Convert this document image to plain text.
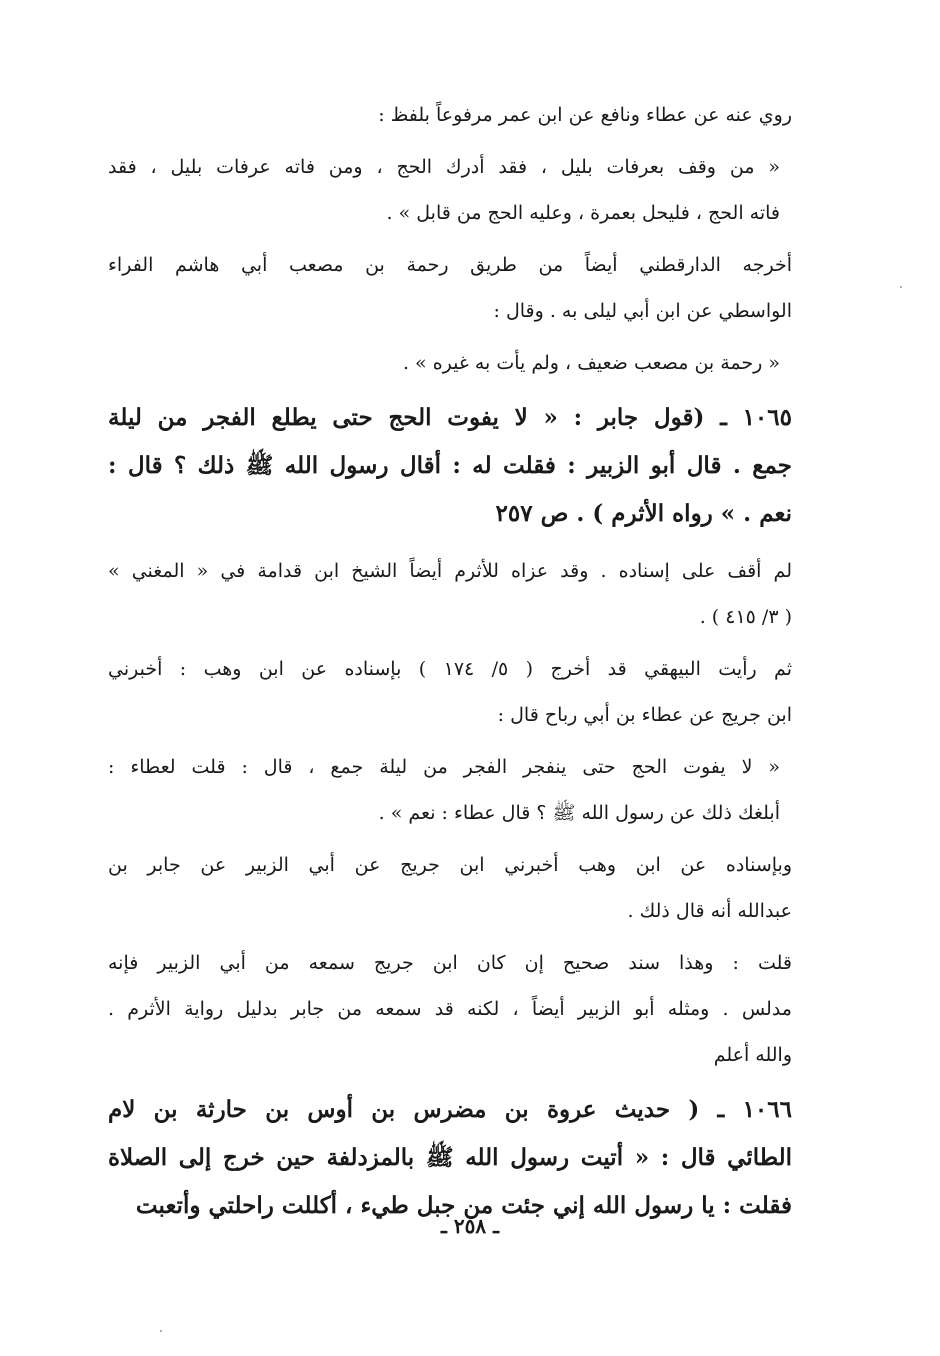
روي عنه عن عطاء ونافع عن ابن عمر مرفوعاً بلفظ :
« من وقف بعرفات بليل ، فقد أدرك الحج ، ومن فاته عرفات بليل ، فقد
فاته الحج ، فليحل بعمرة ، وعليه الحج من قابل » .
أخرجه الدارقطني أيضاً من طريق رحمة بن مصعب أبي هاشم الفراء
الواسطي عن ابن أبي ليلى به . وقال :
« رحمة بن مصعب ضعيف ، ولم يأت به غيره » .
١٠٦٥ ـ (قول جابر : « لا يفوت الحج حتى يطلع الفجر من ليلة
جمع . قال أبو الزبير : فقلت له : أقال رسول الله ﷺ ذلك ؟ قال :
نعم . » رواه الأثرم ) . ص ٢٥٧
لم أقف على إسناده . وقد عزاه للأثرم أيضاً الشيخ ابن قدامة في « المغني »
( ٣/ ٤١٥ ) .
ثم رأيت البيهقي قد أخرج ( ٥/ ١٧٤ ) بإسناده عن ابن وهب : أخبرني
ابن جريج عن عطاء بن أبي رباح قال :
« لا يفوت الحج حتى ينفجر الفجر من ليلة جمع ، قال : قلت لعطاء :
أبلغك ذلك عن رسول الله ﷺ ؟ قال عطاء : نعم » .
وبإسناده عن ابن وهب أخبرني ابن جريج عن أبي الزبير عن جابر بن
عبدالله أنه قال ذلك .
قلت : وهذا سند صحيح إن كان ابن جريج سمعه من أبي الزبير فإنه
مدلس . ومثله أبو الزبير أيضاً ، لكنه قد سمعه من جابر بدليل رواية الأثرم .
والله أعلم
١٠٦٦ ـ ( حديث عروة بن مضرس بن أوس بن حارثة بن لام
الطائي قال : « أتيت رسول الله ﷺ بالمزدلفة حين خرج إلى الصلاة
فقلت : يا رسول الله إني جئت من جبل طيء ، أكللت راحلتي وأتعبت
ـ ٢٥٨ ـ
